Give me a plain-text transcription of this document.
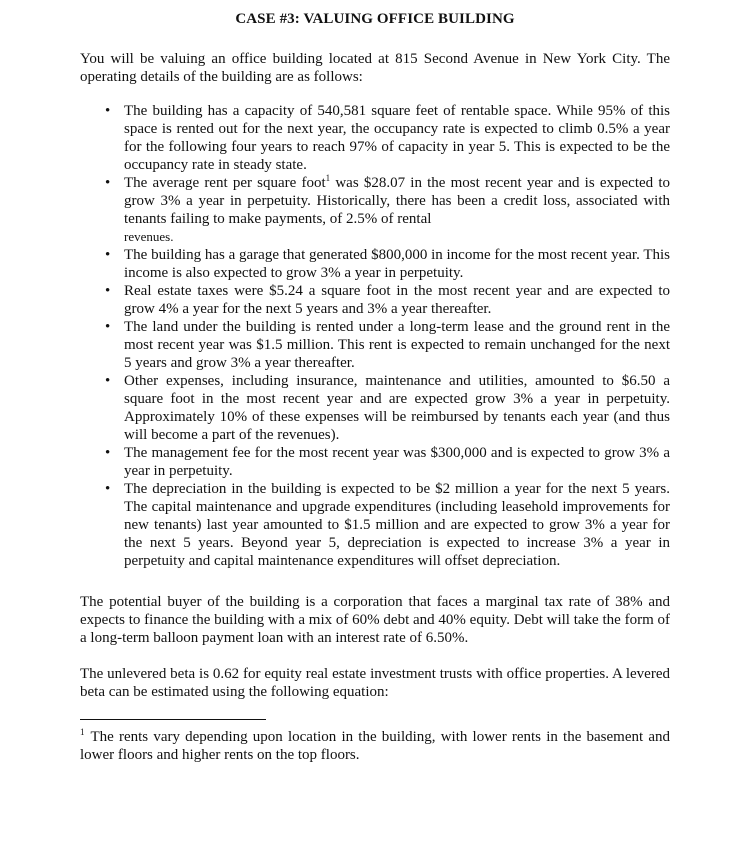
CASE #3: VALUING OFFICE BUILDING

You will be valuing an office building located at 815 Second Avenue in New York City. The operating details of the building are as follows:

• The building has a capacity of 540,581 square feet of rentable space. While 95% of this space is rented out for the next year, the occupancy rate is expected to climb 0.5% a year for the following four years to reach 97% of capacity in year 5. This is expected to be the occupancy rate in steady state.
• The average rent per square foot$^1$ was $28.07 in the most recent year and is expected to grow 3% a year in perpetuity. Historically, there has been a credit loss, associated with tenants failing to make payments, of 2.5% of rental
revenues.
• The building has a garage that generated $800,000 in income for the most recent year. This income is also expected to grow 3% a year in perpetuity.
• Real estate taxes were $5.24 a square foot in the most recent year and are expected to grow 4% a year for the next 5 years and 3% a year thereafter.
• The land under the building is rented under a long-term lease and the ground rent in the most recent year was $1.5 million. This rent is expected to remain unchanged for the next 5 years and grow 3% a year thereafter.
• Other expenses, including insurance, maintenance and utilities, amounted to $6.50 a square foot in the most recent year and are expected grow 3% a year in perpetuity. Approximately 10% of these expenses will be reimbursed by tenants each year (and thus will become a part of the revenues).
• The management fee for the most recent year was $300,000 and is expected to grow 3% a year in perpetuity.
• The depreciation in the building is expected to be $2 million a year for the next 5 years. The capital maintenance and upgrade expenditures (including leasehold improvements for new tenants) last year amounted to $1.5 million and are expected to grow 3% a year for the next 5 years. Beyond year 5, depreciation is expected to increase 3% a year in perpetuity and capital maintenance expenditures will offset depreciation.

The potential buyer of the building is a corporation that faces a marginal tax rate of 38% and expects to finance the building with a mix of 60% debt and 40% equity. Debt will take the form of a long-term balloon payment loan with an interest rate of 6.50%.

The unlevered beta is 0.62 for equity real estate investment trusts with office properties. A levered beta can be estimated using the following equation:

$^1$ The rents vary depending upon location in the building, with lower rents in the basement and lower floors and higher rents on the top floors.
